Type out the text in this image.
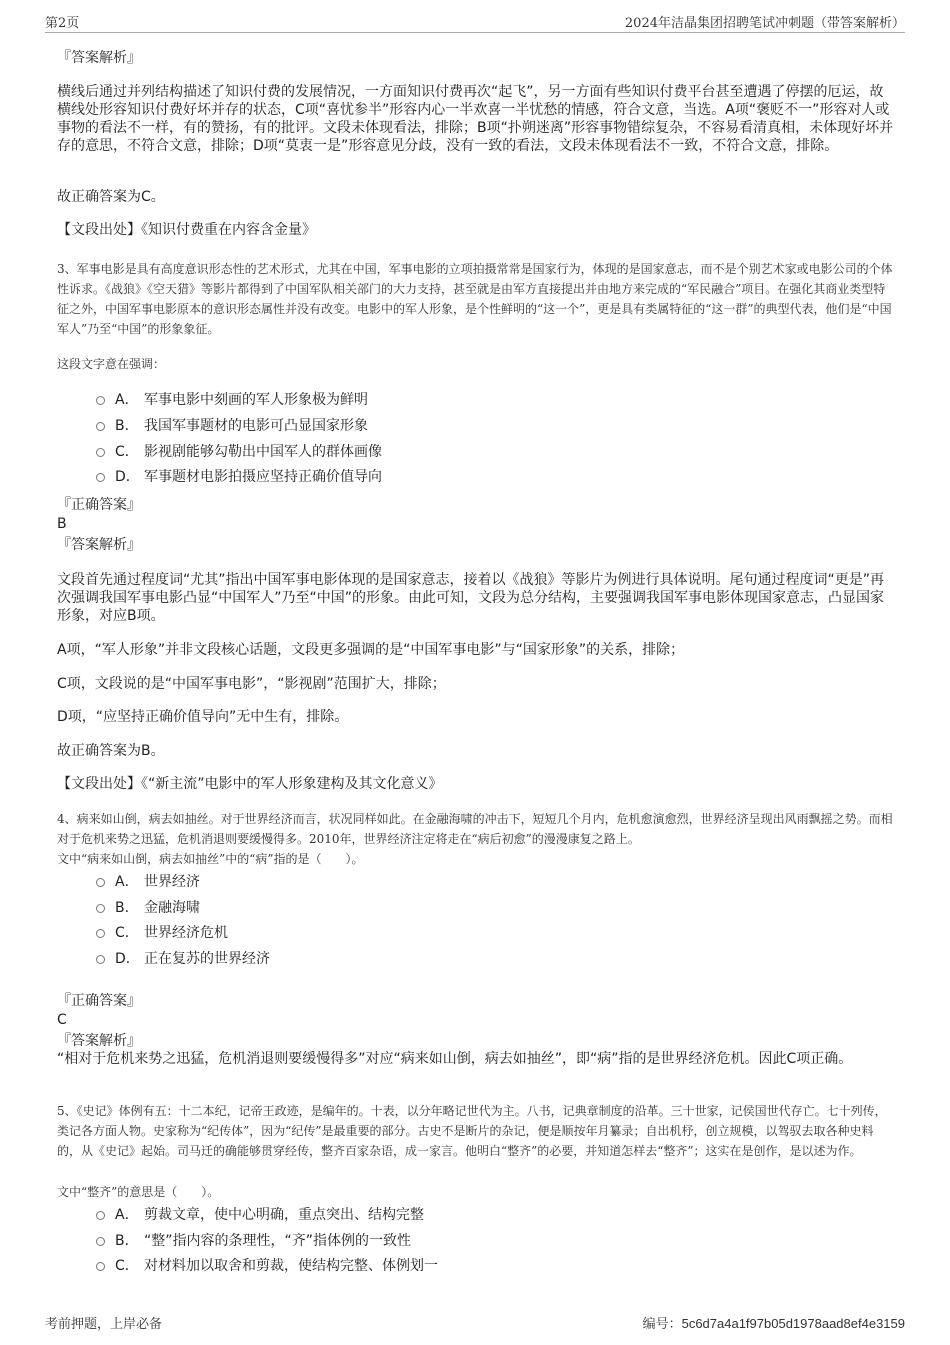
第2页	2024年洁晶集团招聘笔试冲刺题（带答案解析）
『答案解析』

横线后通过并列结构描述了知识付费的发展情况，一方面知识付费再次“起飞”，另一方面有些知识付费平台甚至遭遇了停摆的厄运，故横线处形容知识付费好坏并存的状态，C项“喜忧参半”形容内心一半欢喜一半忧愁的情感，符合文意，当选。A项“褒贬不一”形容对人或事物的看法不一样，有的赞扬，有的批评。文段未体现看法，排除；B项“扑朔迷离”形容事物错综复杂，不容易看清真相，未体现好坏并存的意思，不符合文意，排除；D项“莫衷一是”形容意见分歧，没有一致的看法，文段未体现看法不一致，不符合文意，排除。

故正确答案为C。
【文段出处】《知识付费重在内容含金量》

3、军事电影是具有高度意识形态性的艺术形式，尤其在中国，军事电影的立项拍摄常常是国家行为，体现的是国家意志，而不是个别艺术家或电影公司的个体性诉求。《战狼》《空天猎》等影片都得到了中国军队相关部门的大力支持，甚至就是由军方直接提出并由地方来完成的“军民融合”项目。在强化其商业类型特征之外，中国军事电影原本的意识形态属性并没有改变。电影中的军人形象，是个性鲜明的“这一个”，更是具有类属特征的“这一群”的典型代表，他们是“中国军人”乃至“中国”的形象象征。

这段文字意在强调：

A． 军事电影中刻画的军人形象极为鲜明
B． 我国军事题材的电影可凸显国家形象
C． 影视剧能够勾勒出中国军人的群体画像
D． 军事题材电影拍摄应坚持正确价值导向
『正确答案』
B
『答案解析』

文段首先通过程度词“尤其”指出中国军事电影体现的是国家意志，接着以《战狼》等影片为例进行具体说明。尾句通过程度词“更是”再次强调我国军事电影凸显“中国军人”乃至“中国”的形象。由此可知，文段为总分结构，主要强调我国军事电影体现国家意志，凸显国家形象，对应B项。

A项，“军人形象”并非文段核心话题，文段更多强调的是“中国军事电影”与“国家形象”的关系，排除；

C项，文段说的是“中国军事电影”，“影视剧”范围扩大，排除；

D项，“应坚持正确价值导向”无中生有，排除。

故正确答案为B。
【文段出处】《“新主流”电影中的军人形象建构及其文化意义》

4、病来如山倒，病去如抽丝。对于世界经济而言，状况同样如此。在金融海啸的冲击下，短短几个月内，危机愈演愈烈，世界经济呈现出风雨飘摇之势。而相对于危机来势之迅猛，危机消退则要缓慢得多。2010年，世界经济注定将走在“病后初愈”的漫漫康复之路上。

文中“病来如山倒，病去如抽丝”中的“病”指的是（　　）。

A． 世界经济
B． 金融海啸
C． 世界经济危机
D． 正在复苏的世界经济
『正确答案』
C
『答案解析』

“相对于危机来势之迅猛，危机消退则要缓慢得多”对应“病来如山倒，病去如抽丝”，即“病”指的是世界经济危机。因此C项正确。

5、《史记》体例有五：十二本纪，记帝王政迹，是编年的。十表，以分年略记世代为主。八书，记典章制度的沿革。三十世家，记侯国世代存亡。七十列传，类记各方面人物。史家称为“纪传体”，因为“纪传”是最重要的部分。古史不是断片的杂记，便是顺按年月纂录；自出机杼，创立规模，以驾驭去取各种史料的，从《史记》起始。司马迁的确能够贯穿经传，整齐百家杂语，成一家言。他明白“整齐”的必要，并知道怎样去“整齐”；这实在是创作，是以述为作。

文中“整齐”的意思是（　　）。

A． 剪裁文章，使中心明确，重点突出、结构完整
B． “整”指内容的条理性，“齐”指体例的一致性
C． 对材料加以取舍和剪裁，使结构完整、体例划一
考前押题，上岸必备	编号：5c6d7a4a1f97b05d1978aad8ef4e3159
